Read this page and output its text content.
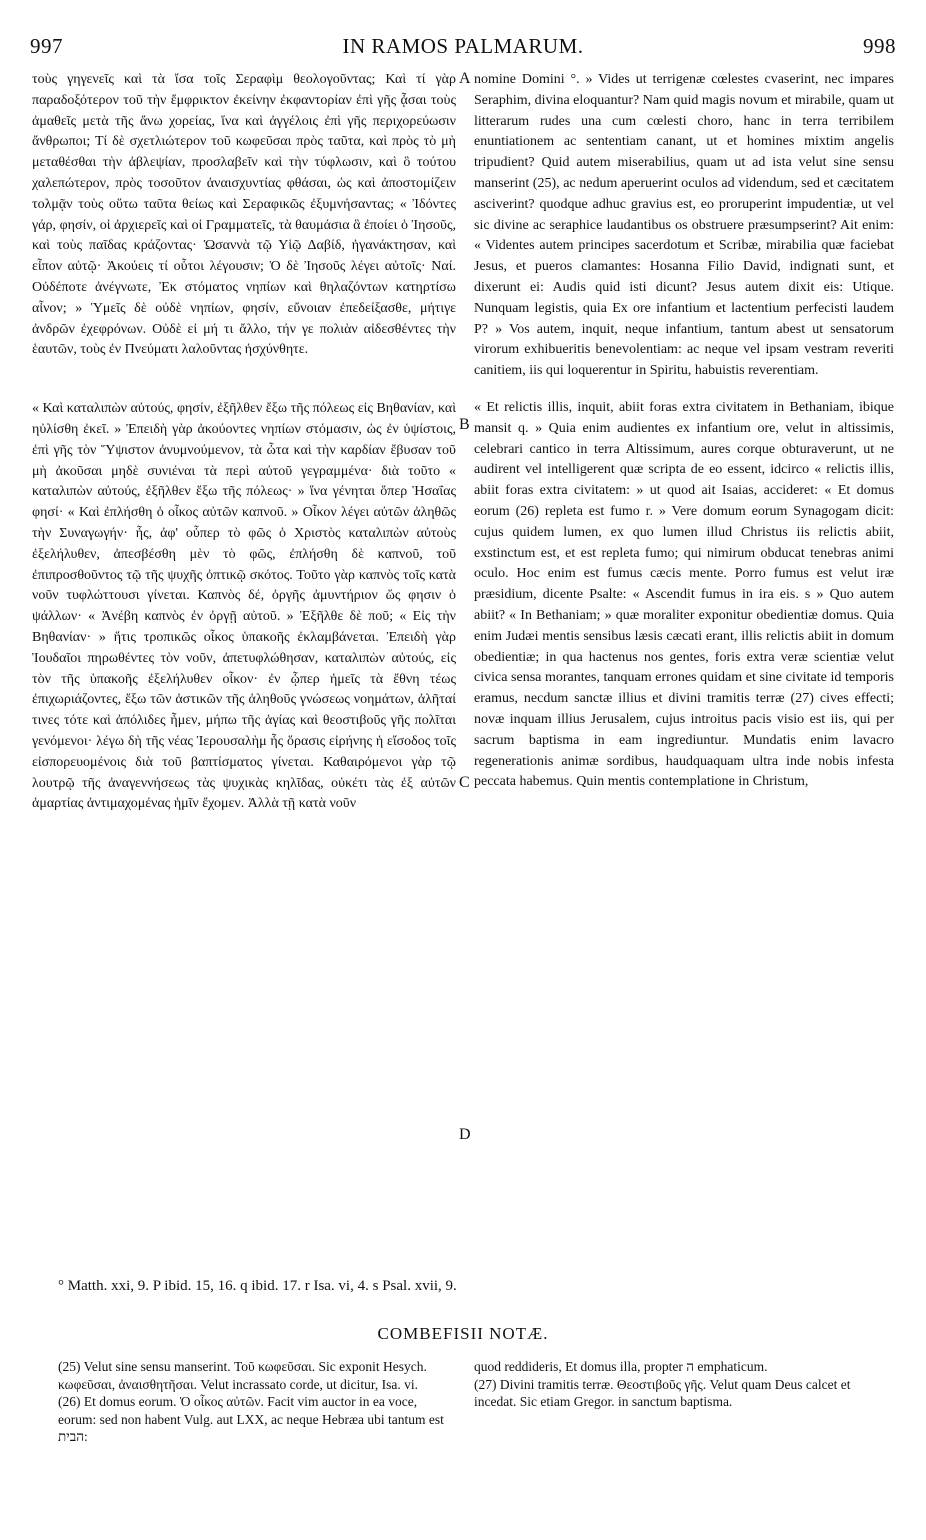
997	IN RAMOS PALMARUM.	998

τοὺς γηγενεῖς καὶ τὰ ἴσα τοῖς Σεραφὶμ θεολογοῦντας; Καὶ τί γὰρ παραδοξότερον τοῦ τὴν ἔμφρικτον ἐκείνην ἐκφαντορίαν ἐπὶ γῆς ᾆσαι τοὺς ἀμαθεῖς μετὰ τῆς ἄνω χορείας, ἵνα καὶ ἀγγέλοις ἐπὶ γῆς περιχορεύωσιν ἄνθρωποι; Τί δὲ σχετλιώτερον τοῦ κωφεῦσαι πρὸς ταῦτα, καὶ πρὸς τὸ μὴ μεταθέσθαι τὴν ἀβλεψίαν, προσλαβεῖν καὶ τὴν τύφλωσιν, καὶ ὃ τούτου χαλεπώτερον, πρὸς τοσοῦτον ἀναισχυντίας φθάσαι, ὡς καὶ ἀποστομίζειν τολμᾷν τοὺς οὕτω ταῦτα θείως καὶ Σεραφικῶς ἐξυμνήσαντας; « Ἰδόντες γάρ, φησίν, οἱ ἀρχιερεῖς καὶ οἱ Γραμματεῖς, τὰ θαυμάσια ἃ ἐποίει ὁ Ἰησοῦς, καὶ τοὺς παῖδας κράζοντας· Ὡσαννὰ τῷ Υἱῷ Δαβίδ, ἠγανάκτησαν, καὶ εἶπον αὐτῷ· Ἀκούεις τί οὗτοι λέγουσιν; Ὁ δὲ Ἰησοῦς λέγει αὐτοῖς· Ναί. Οὐδέποτε ἀνέγνωτε, Ἐκ στόματος νηπίων καὶ θηλαζόντων κατηρτίσω αἶνον; » Ὑμεῖς δὲ οὐδὲ νηπίων, φησίν, εὔνοιαν ἐπεδείξασθε, μήτιγε ἀνδρῶν ἐχεφρόνων. Οὐδὲ εἰ μή τι ἄλλο, τήν γε πολιὰν αἰδεσθέντες τὴν ἑαυτῶν, τοὺς ἐν Πνεύματι λαλοῦντας ἠσχύνθητε.

« Καὶ καταλιπὼν αὐτούς, φησίν, ἐξῆλθεν ἔξω τῆς πόλεως εἰς Βηθανίαν, καὶ ηὐλίσθη ἐκεῖ. » Ἐπειδὴ γὰρ ἀκούοντες νηπίων στόμασιν, ὡς ἐν ὑψίστοις, ἐπὶ γῆς τὸν Ὕψιστον ἀνυμνούμενον, τὰ ὦτα καὶ τὴν καρδίαν ἔβυσαν τοῦ μὴ ἀκοῦσαι μηδὲ συνιέναι τὰ περὶ αὐτοῦ γεγραμμένα· διὰ τοῦτο « καταλιπὼν αὐτούς, ἐξῆλθεν ἔξω τῆς πόλεως· » ἵνα γένηται ὅπερ Ἡσαΐας φησί· « Καὶ ἐπλήσθη ὁ οἶκος αὐτῶν καπνοῦ. » Οἶκον λέγει αὐτῶν ἀληθῶς τὴν Συναγωγήν· ἧς, ἀφ' οὗπερ τὸ φῶς ὁ Χριστὸς καταλιπὼν αὐτοὺς ἐξελήλυθεν, ἀπεσβέσθη μὲν τὸ φῶς, ἐπλήσθη δὲ καπνοῦ, τοῦ ἐπιπροσθοῦντος τῷ τῆς ψυχῆς ὀπτικῷ σκότος. Τοῦτο γὰρ καπνὸς τοῖς κατὰ νοῦν τυφλώττουσι γίνεται. Καπνὸς δέ, ὀργῆς ἀμυντήριον ὥς φησιν ὁ ψάλλων· « Ἀνέβη καπνὸς ἐν ὀργῇ αὐτοῦ. » Ἐξῆλθε δὲ ποῦ; « Εἰς τὴν Βηθανίαν· » ἥτις τροπικῶς οἶκος ὑπακοῆς ἐκλαμβάνεται. Ἐπειδὴ γὰρ Ἰουδαῖοι πηρωθέντες τὸν νοῦν, ἀπετυφλώθησαν, καταλιπὼν αὐτούς, εἰς τὸν τῆς ὑπακοῆς ἐξελήλυθεν οἶκον· ἐν ᾧπερ ἡμεῖς τὰ ἔθνη τέως ἐπιχωριάζοντες, ἔξω τῶν ἀστικῶν τῆς ἀληθοῦς γνώσεως νοημάτων, ἀλῆταί τινες τότε καὶ ἀπόλιδες ἦμεν, μήπω τῆς ἁγίας καὶ θεοστιβοῦς γῆς πολῖται γενόμενοι· λέγω δὴ τῆς νέας Ἱερουσαλὴμ ἧς ὅρασις εἰρήνης ἡ εἴσοδος τοῖς εἰσπορευομένοις διὰ τοῦ βαπτίσματος γίνεται. Καθαιρόμενοι γὰρ τῷ λουτρῷ τῆς ἀναγεννήσεως τὰς ψυχικὰς κηλῖδας, οὐκέτι τὰς ἐξ αὐτῶν ἁμαρτίας ἀντιμαχομένας ἡμῖν ἔχομεν. Ἀλλὰ τῇ κατὰ νοῦν

nomine Domini °. » Vides ut terrigenæ cœlestes cvaserint, nec impares Seraphim, divina eloquantur? Nam quid magis novum et mirabile, quam ut litterarum rudes una cum cœlesti choro, hanc in terra terribilem enuntiationem ac sententiam canant, ut et homines mixtim angelis tripudient? Quid autem miserabilius, quam ut ad ista velut sine sensu manserint (25), ac nedum aperuerint oculos ad videndum, sed et cæcitatem asciverint? quodque adhuc gravius est, eo proruperint impudentiæ, ut vel sic divine ac seraphice laudantibus os obstruere præsumpserint? Ait enim: « Videntes autem principes sacerdotum et Scribæ, mirabilia quæ faciebat Jesus, et pueros clamantes: Hosanna Filio David, indignati sunt, et dixerunt ei: Audis quid isti dicunt? Jesus autem dixit eis: Utique. Nunquam legistis, quia Ex ore infantium et lactentium perfecisti laudem P? » Vos autem, inquit, neque infantium, tantum abest ut sensatorum virorum exhibueritis benevolentiam: ac neque vel ipsam vestram reveriti canitiem, iis qui loquerentur in Spiritu, habuistis reverentiam.

« Et relictis illis, inquit, abiit foras extra civitatem in Bethaniam, ibique mansit q. » Quia enim audientes ex infantium ore, velut in altissimis, celebrari cantico in terra Altissimum, aures corque obturaverunt, ut ne audirent vel intelligerent quæ scripta de eo essent, idcirco « relictis illis, abiit foras extra civitatem: » ut quod ait Isaias, accideret: « Et domus eorum (26) repleta est fumo r. » Vere domum eorum Synagogam dicit: cujus quidem lumen, ex quo lumen illud Christus iis relictis abiit, exstinctum est, et est repleta fumo; qui nimirum obducat tenebras animi oculo. Hoc enim est fumus cæcis mente. Porro fumus est velut iræ præsidium, dicente Psalte: « Ascendit fumus in ira eis. s » Quo autem abiit? « In Bethaniam; » quæ moraliter exponitur obedientiæ domus. Quia enim Judæi mentis sensibus læsis cæcati erant, illis relictis abiit in domum obedientiæ; in qua hactenus nos gentes, foris extra veræ scientiæ velut civica sensa morantes, tanquam errones quidam et sine civitate id temporis eramus, necdum sanctæ illius et divini tramitis terræ (27) cives effecti; novæ inquam illius Jerusalem, cujus introitus pacis visio est iis, qui per sacrum baptisma in eam ingrediuntur. Mundatis enim lavacro regenerationis animæ sordibus, haudquaquam ultra inde nobis infesta peccata habemus. Quin mentis contemplatione in Christum,

A
B
C
D
° Matth. xxi, 9. P ibid. 15, 16. q ibid. 17. r Isa. vi, 4. s Psal. xvii, 9.
COMBEFISII NOTÆ.

(25) Velut sine sensu manserint. Τοῦ κωφεῦσαι. Sic exponit Hesych. κωφεῦσαι, ἀναισθητῆσαι. Velut incrassato corde, ut dicitur, Isa. vi.

(26) Et domus eorum. Ὁ οἶκος αὐτῶν. Facit vim auctor in ea voce, eorum: sed non habent Vulg. aut LXX, ac neque Hebræa ubi tantum est הבית:

quod reddideris, Et domus illa, propter ה emphaticum.

(27) Divini tramitis terræ. Θεοστιβοῦς γῆς. Velut quam Deus calcet et incedat. Sic etiam Gregor. in sanctum baptisma.
